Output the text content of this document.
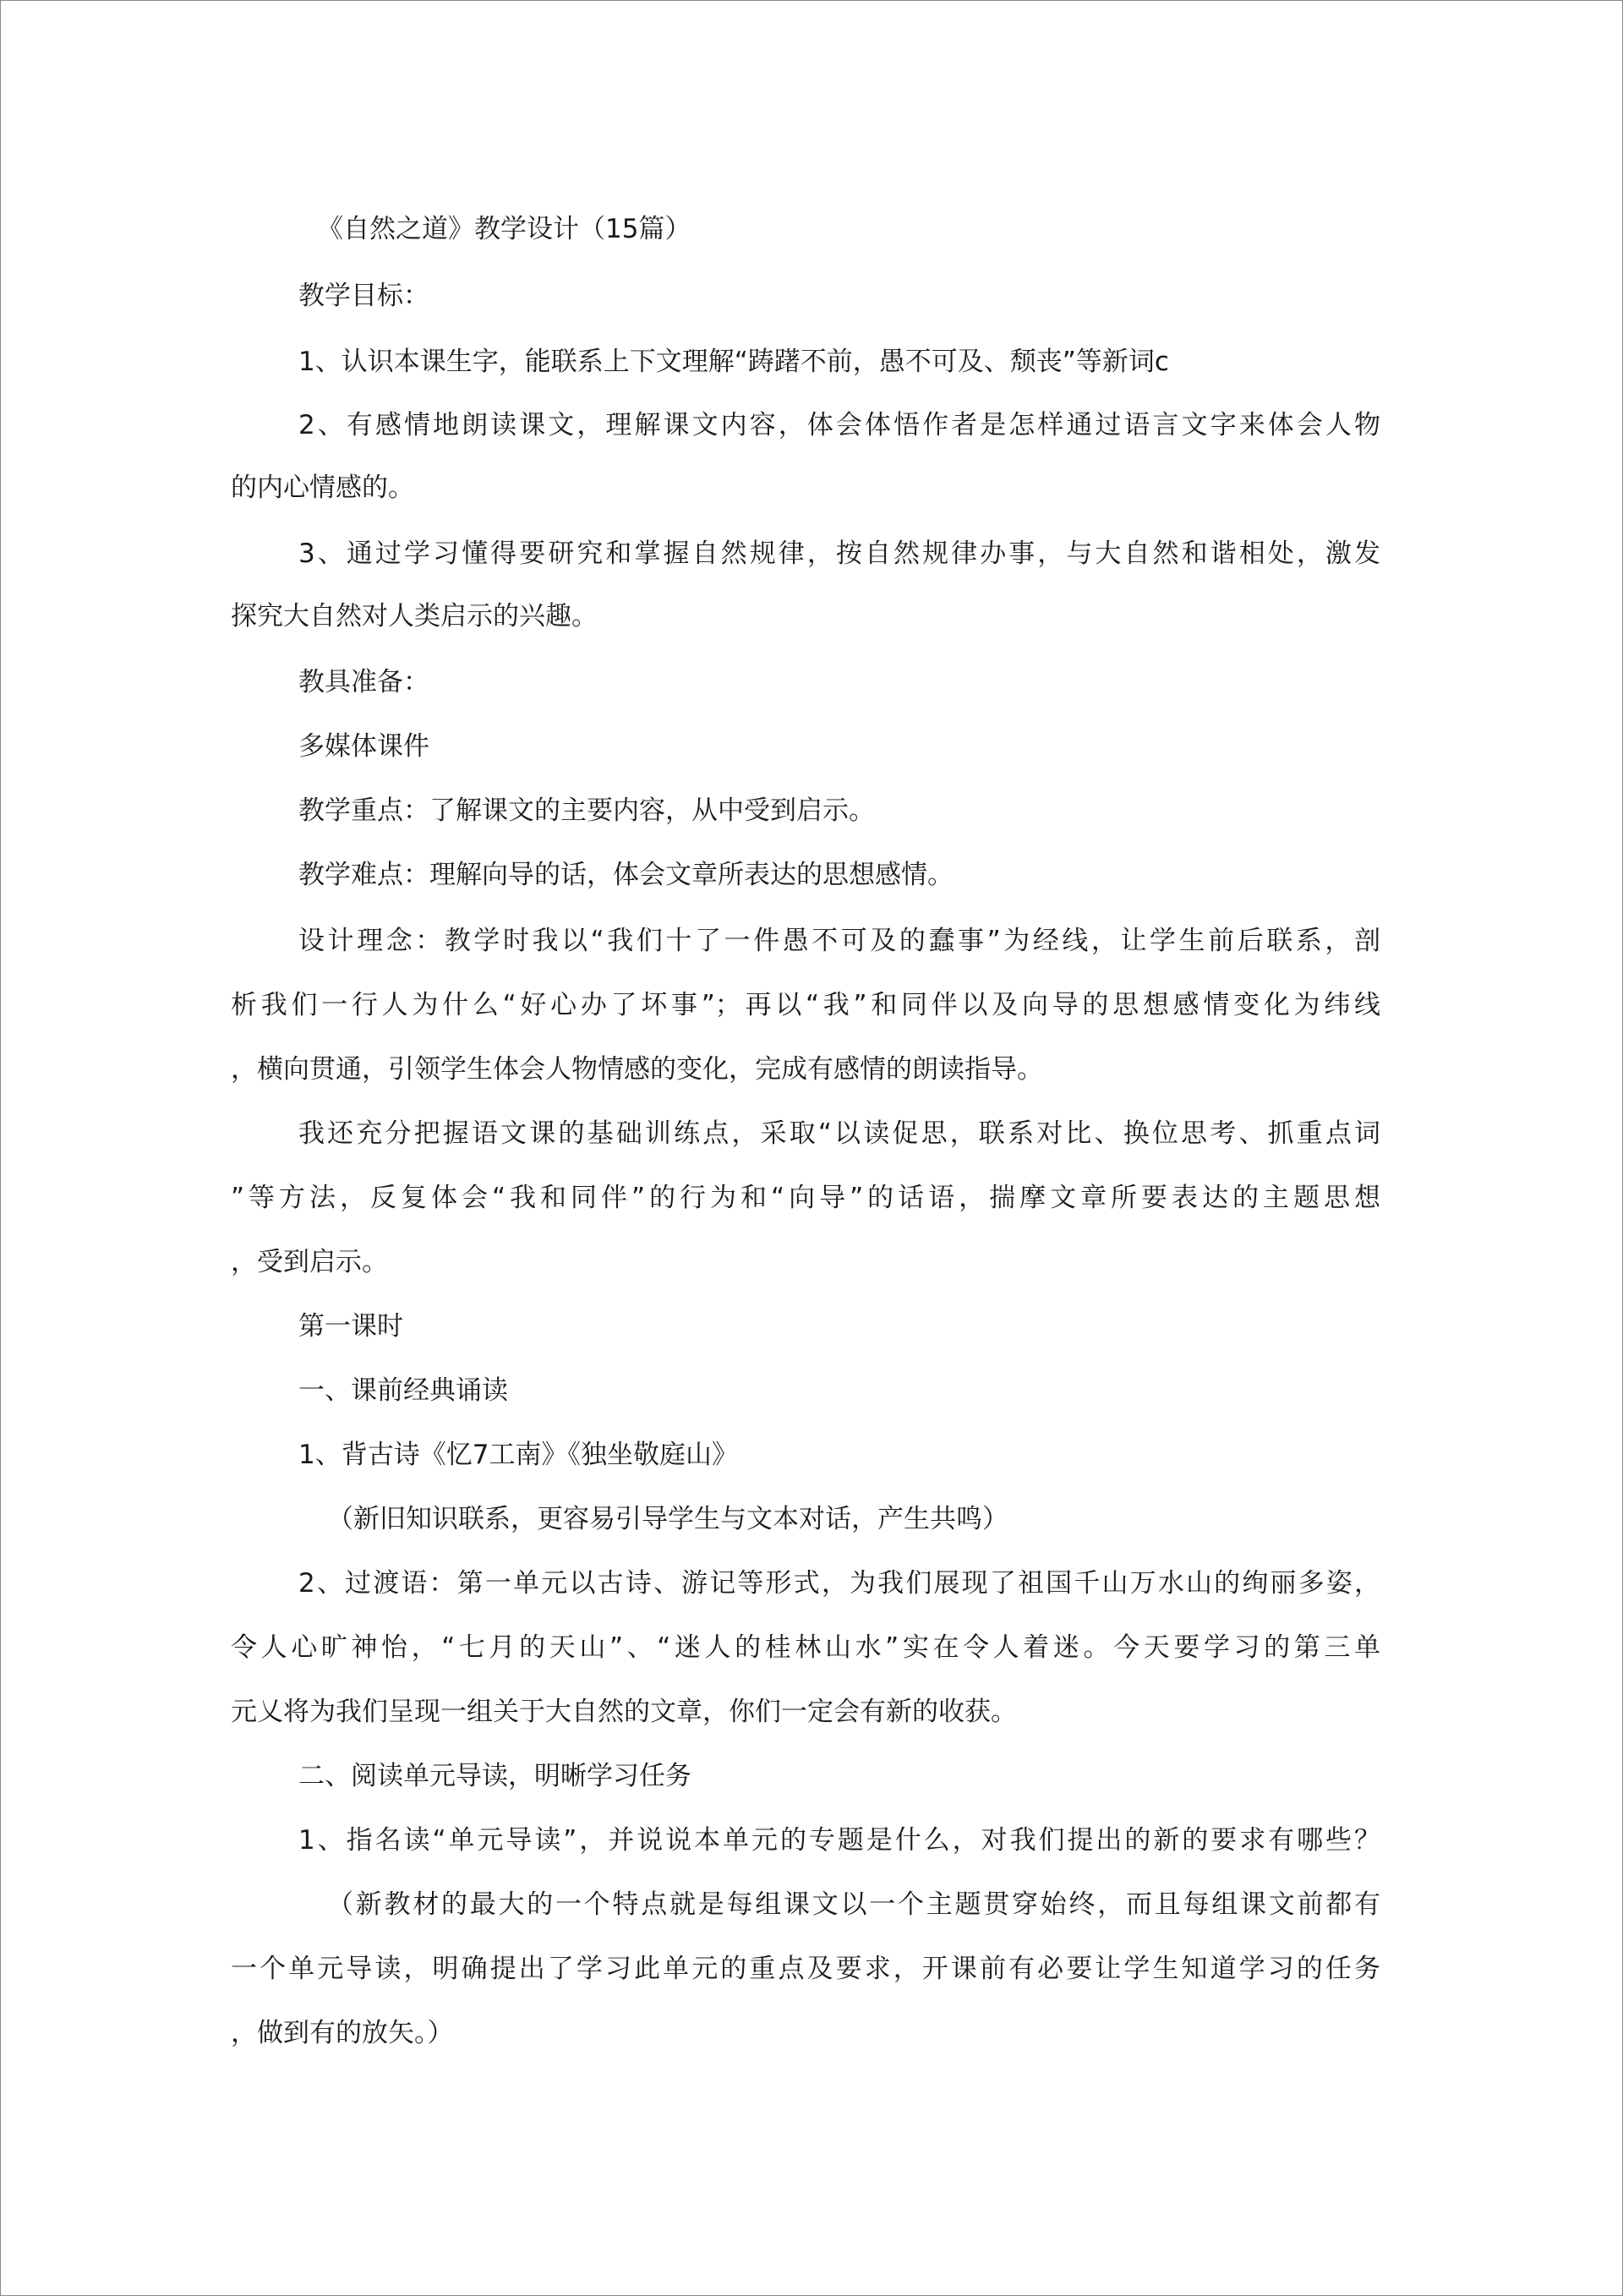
《自然之道》教学设计（15篇）

教学目标：

1、认识本课生字，能联系上下文理解“踌躇不前，愚不可及、颓丧”等新词c

2、有感情地朗读课文，理解课文内容，体会体悟作者是怎样通过语言文字来体会人物

的内心情感的。

3、通过学习懂得要研究和掌握自然规律，按自然规律办事，与大自然和谐相处，激发

探究大自然对人类启示的兴趣。

教具准备：

多媒体课件

教学重点：了解课文的主要内容，从中受到启示。

教学难点：理解向导的话，体会文章所表达的思想感情。

设计理念：教学时我以“我们十了一件愚不可及的蠢事”为经线，让学生前后联系，剖

析我们一行人为什么“好心办了坏事”；再以“我”和同伴以及向导的思想感情变化为纬线

，横向贯通，引领学生体会人物情感的变化，完成有感情的朗读指导。

我还充分把握语文课的基础训练点，采取“以读促思，联系对比、换位思考、抓重点词

”等方法，反复体会“我和同伴”的行为和“向导”的话语，揣摩文章所要表达的主题思想

，受到启示。

第一课时

一、课前经典诵读

1、背古诗《忆7工南》《独坐敬庭山》

（新旧知识联系，更容易引导学生与文本对话，产生共鸣）

2、过渡语：第一单元以古诗、游记等形式，为我们展现了祖国千山万水山的绚丽多姿，

令人心旷神怡，“七月的天山”、“迷人的桂林山水”实在令人着迷。今天要学习的第三单

元乂将为我们呈现一组关于大自然的文章，你们一定会有新的收获。

二、阅读单元导读，明晰学习任务

1、指名读“单元导读”，并说说本单元的专题是什么，对我们提出的新的要求有哪些？

（新教材的最大的一个特点就是每组课文以一个主题贯穿始终，而且每组课文前都有

一个单元导读，明确提出了学习此单元的重点及要求，开课前有必要让学生知道学习的任务

，做到有的放矢。）
